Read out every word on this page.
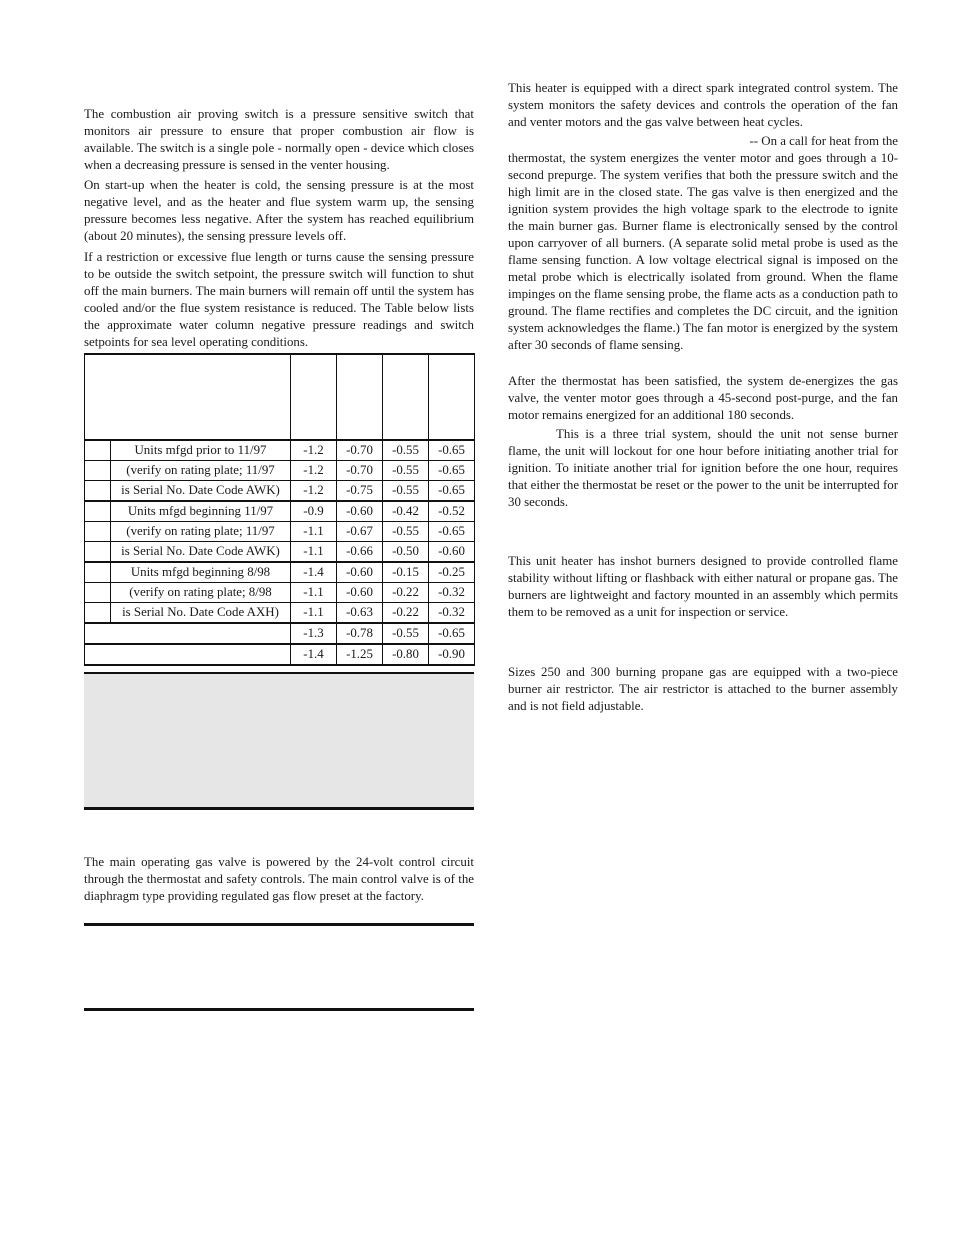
The combustion air proving switch is a pressure sensitive switch that monitors air pressure to ensure that proper combustion air flow is available. The switch is a single pole - normally open - device which closes when a decreasing pressure is sensed in the venter housing.

On start-up when the heater is cold, the sensing pressure is at the most negative level, and as the heater and flue system warm up, the sensing pressure becomes less negative. After the system has reached equilibrium (about 20 minutes), the sensing pressure levels off.

If a restriction or excessive flue length or turns cause the sensing pressure to be outside the switch setpoint, the pressure switch will function to shut off the main burners. The main burners will remain off until the system has cooled and/or the flue system resistance is reduced. The Table below lists the approximate water column negative pressure readings and switch setpoints for sea level operating conditions.

	Units mfgd prior to 11/97	-1.2	-0.70	-0.55	-0.65
	(verify on rating plate; 11/97	-1.2	-0.70	-0.55	-0.65
	is Serial No. Date Code AWK)	-1.2	-0.75	-0.55	-0.65
	Units mfgd beginning 11/97	-0.9	-0.60	-0.42	-0.52
	(verify on rating plate; 11/97	-1.1	-0.67	-0.55	-0.65
	is Serial No. Date Code AWK)	-1.1	-0.66	-0.50	-0.60
	Units mfgd beginning 8/98	-1.4	-0.60	-0.15	-0.25
	(verify on rating plate; 8/98	-1.1	-0.60	-0.22	-0.32
	is Serial No. Date Code AXH)	-1.1	-0.63	-0.22	-0.32
		-1.3	-0.78	-0.55	-0.65
		-1.4	-1.25	-0.80	-0.90

The main operating gas valve is powered by the 24-volt control circuit through the thermostat and safety controls. The main control valve is of the diaphragm type providing regulated gas flow preset at the factory.

This heater is equipped with a direct spark integrated control system. The system monitors the safety devices and controls the operation of the fan and venter motors and the gas valve between heat cycles.

-- On a call for heat from the

thermostat, the system energizes the venter motor and goes through a 10-second prepurge. The system verifies that both the pressure switch and the high limit are in the closed state. The gas valve is then energized and the ignition system provides the high voltage spark to the electrode to ignite the main burner gas. Burner flame is electronically sensed by the control upon carryover of all burners. (A separate solid metal probe is used as the flame sensing function. A low voltage electrical signal is imposed on the metal probe which is electrically isolated from ground. When the flame impinges on the flame sensing probe, the flame acts as a conduction path to ground. The flame rectifies and completes the DC circuit, and the ignition system acknowledges the flame.) The fan motor is energized by the system after 30 seconds of flame sensing.

After the thermostat has been satisfied, the system de-energizes the gas valve, the venter motor goes through a 45-second post-purge, and the fan motor remains energized for an additional 180 seconds.

This is a three trial system, should the unit not sense burner flame, the unit will lockout for one hour before initiating another trial for ignition. To initiate another trial for ignition before the one hour, requires that either the thermostat be reset or the power to the unit be interrupted for 30 seconds.

This unit heater has inshot burners designed to provide controlled flame stability without lifting or flashback with either natural or propane gas. The burners are lightweight and factory mounted in an assembly which permits them to be removed as a unit for inspection or service.

Sizes 250 and 300 burning propane gas are equipped with a two-piece burner air restrictor. The air restrictor is attached to the burner assembly and is not field adjustable.
